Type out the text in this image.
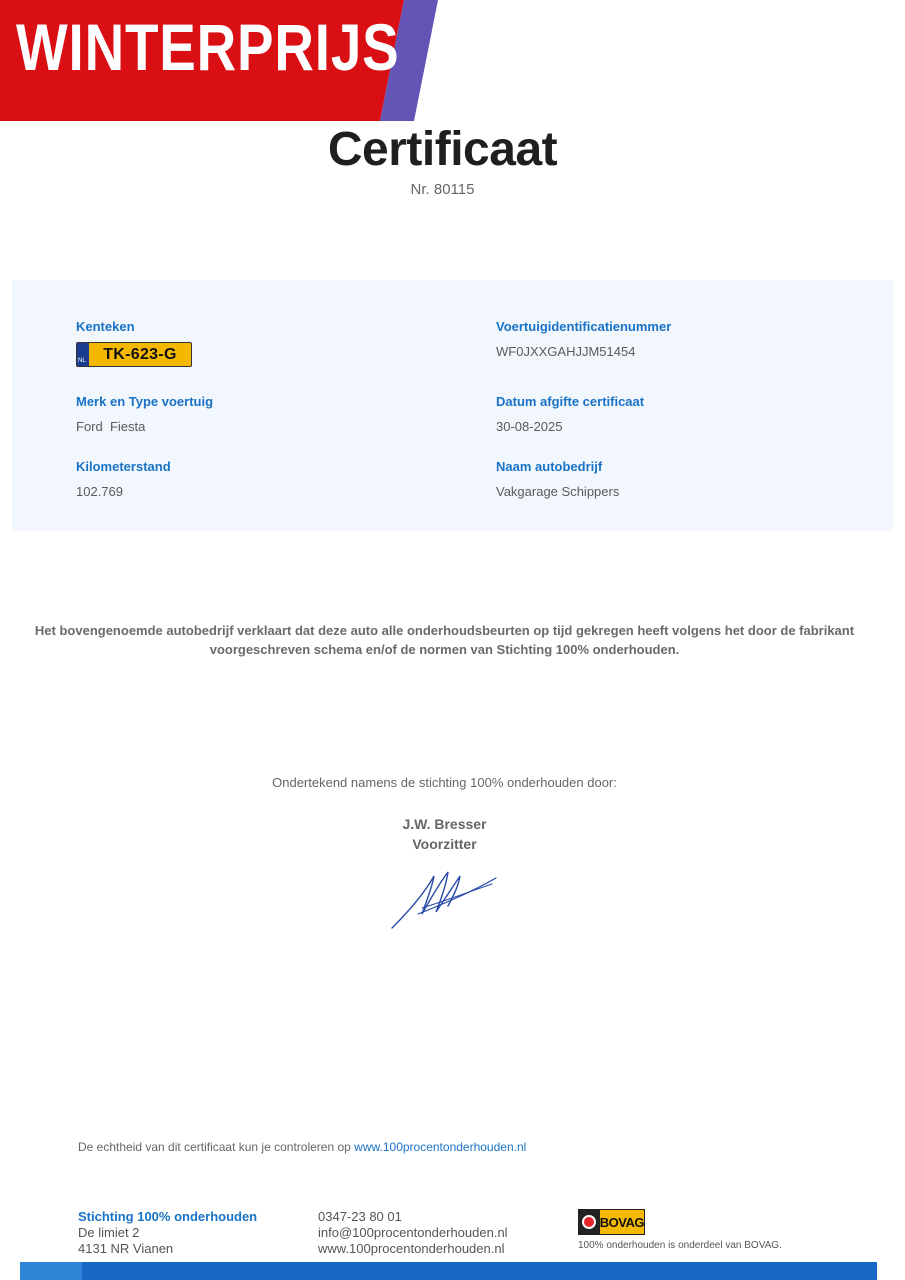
WINTERPRIJS
Certificaat
Nr. 80115
Kenteken
NL	TK-623-G
Voertuigidentificatienummer
WF0JXXGAHJJM51454
Merk en Type voertuig
Ford  Fiesta
Datum afgifte certificaat
30-08-2025
Kilometerstand
102.769
Naam autobedrijf
Vakgarage Schippers
Het bovengenoemde autobedrijf verklaart dat deze auto alle onderhoudsbeurten op tijd gekregen heeft volgens het door de fabrikant voorgeschreven schema en/of de normen van Stichting 100% onderhouden.
Ondertekend namens de stichting 100% onderhouden door:
J.W. Bresser
Voorzitter
De echtheid van dit certificaat kun je controleren op www.100procentonderhouden.nl
Stichting 100% onderhouden
De limiet 2
4131 NR Vianen
0347-23 80 01
info@100procentonderhouden.nl
www.100procentonderhouden.nl
BOVAG
100% onderhouden is onderdeel van BOVAG.
